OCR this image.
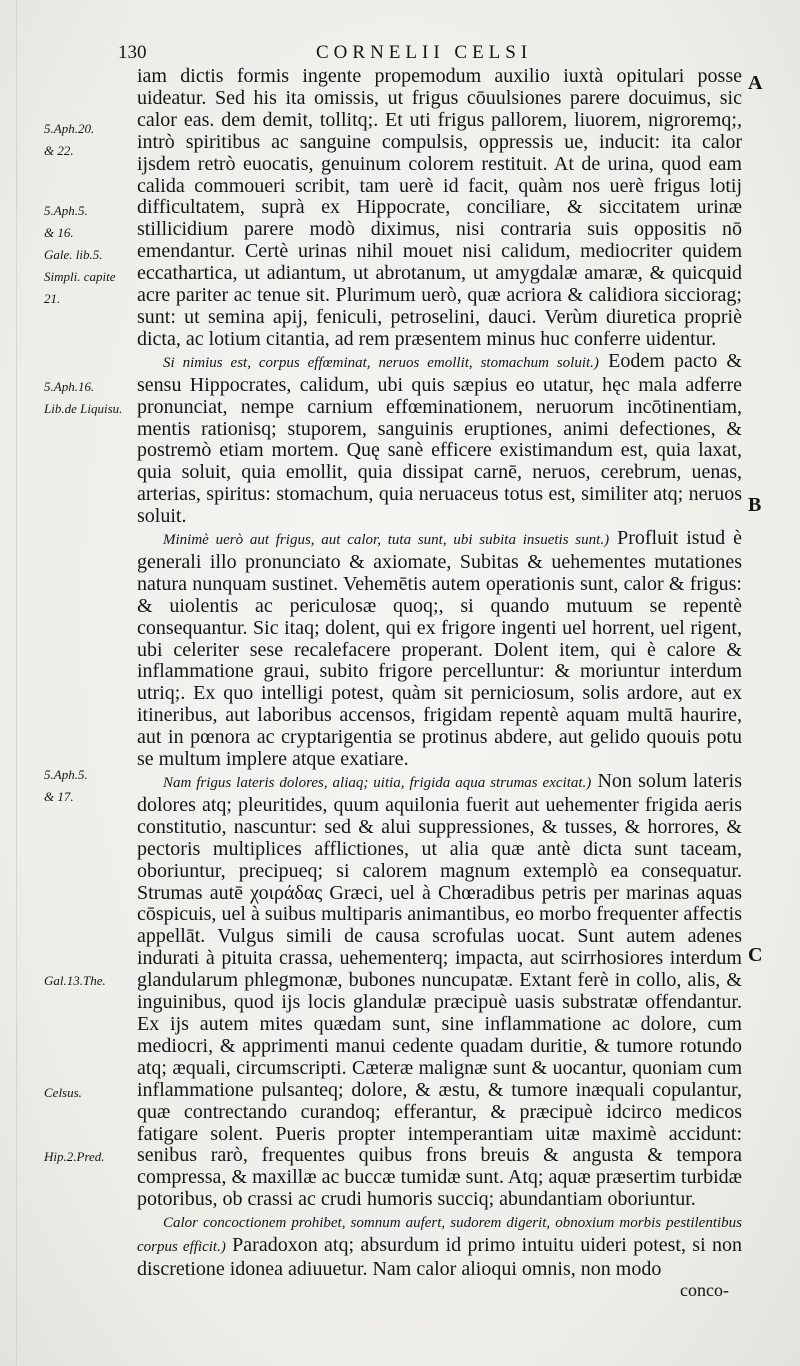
130	CORNELII CELSI

iam dictis formis ingente propemodum auxilio iuxtà opitulari posse uideatur. Sed his ita omissis, ut frigus cōuulsiones parere docuimus, sic calor eas. dem demit, tollitq;. Et uti frigus pallorem, liuorem, nigroremq;, intrò spiritibus ac sanguine compulsis, oppressis ue, inducit: ita calor ijsdem retrò euocatis, genuinum colorem restituit. At de urina, quod eam calida commoueri scribit, tam uerè id facit, quàm nos uerè frigus lotij difficultatem, suprà ex Hippocrate, conciliare, & siccitatem urinæ stillicidium parere modò diximus, nisi contraria suis oppositis nō emendantur. Certè urinas nihil mouet nisi calidum, mediocriter quidem eccathartica, ut adiantum, ut abrotanum, ut amygdalæ amaræ, & quicquid acre pariter ac tenue sit. Plurimum uerò, quæ acriora & calidiora sicciorag; sunt: ut semina apij, feniculi, petroselini, dauci. Verùm diuretica propriè dicta, ac lotium citantia, ad rem præsentem minus huc conferre uidentur.

Si nimius est, corpus effœminat, neruos emollit, stomachum soluit.) Eodem pacto & sensu Hippocrates, calidum, ubi quis sæpius eo utatur, hęc mala adferre pronunciat, nempe carnium effœminationem, neruorum incōtinentiam, mentis rationisq; stuporem, sanguinis eruptiones, animi defectiones, & postremò etiam mortem. Quę sanè efficere existimandum est, quia laxat, quia soluit, quia emollit, quia dissipat carnē, neruos, cerebrum, uenas, arterias, spiritus: stomachum, quia neruaceus totus est, similiter atq; neruos soluit.

Minimè uerò aut frigus, aut calor, tuta sunt, ubi subita insuetis sunt.) Profluit istud è generali illo pronunciato & axiomate, Subitas & uehementes mutationes natura nunquam sustinet. Vehemētis autem operationis sunt, calor & frigus: & uiolentis ac periculosæ quoq;, si quando mutuum se repentè consequantur. Sic itaq; dolent, qui ex frigore ingenti uel horrent, uel rigent, ubi celeriter sese recalefacere properant. Dolent item, qui è calore & inflammatione graui, subito frigore percelluntur: & moriuntur interdum utriq;. Ex quo intelligi potest, quàm sit perniciosum, solis ardore, aut ex itineribus, aut laboribus accensos, frigidam repentè aquam multā haurire, aut in pœnora ac cryptarigentia se protinus abdere, aut gelido quouis potu se multum implere atque exatiare.

Nam frigus lateris dolores, aliaq; uitia, frigida aqua strumas excitat.) Non solum lateris dolores atq; pleuritides, quum aquilonia fuerit aut uehementer frigida aeris constitutio, nascuntur: sed & alui suppressiones, & tusses, & horrores, & pectoris multiplices afflictiones, ut alia quæ antè dicta sunt taceam, oboriuntur, precipueq; si calorem magnum extemplò ea consequatur. Strumas autē χοιράδας Græci, uel à Chœradibus petris per marinas aquas cōspicuis, uel à suibus multiparis animantibus, eo morbo frequenter affectis appellāt. Vulgus simili de causa scrofulas uocat. Sunt autem adenes indurati à pituita crassa, uehementerq; impacta, aut scirrhosiores interdum glandularum phlegmonæ, bubones nuncupatæ. Extant ferè in collo, alis, & inguinibus, quod ijs locis glandulæ præcipuè uasis substratæ offendantur. Ex ijs autem mites quædam sunt, sine inflammatione ac dolore, cum mediocri, & apprimenti manui cedente quadam duritie, & tumore rotundo atq; æquali, circumscripti. Cæteræ malignæ sunt & uocantur, quoniam cum inflammatione pulsanteq; dolore, & æstu, & tumore inæquali copulantur, quæ contrectando curandoq; efferantur, & præcipuè idcirco medicos fatigare solent. Pueris propter intemperantiam uitæ maximè accidunt: senibus rarò, frequentes quibus frons breuis & angusta & tempora compressa, & maxillæ ac buccæ tumidæ sunt. Atq; aquæ præsertim turbidæ potoribus, ob crassi ac crudi humoris succiq; abundantiam oboriuntur.

Calor concoctionem prohibet, somnum aufert, sudorem digerit, obnoxium morbis pestilentibus corpus efficit.) Paradoxon atq; absurdum id primo intuitu uideri potest, si non discretione idonea adiuuetur. Nam calor alioqui omnis, non modo

5.Aph.20.
& 22.
5.Aph.5.
& 16.
Gale. lib.5.
Simpli. capite 21.
5.Aph.16.
Lib.de Liquisu.
5.Aph.5.
& 17.
Gal.13.The.
Celsus.
Hip.2.Pred.
A
B
C
conco-
